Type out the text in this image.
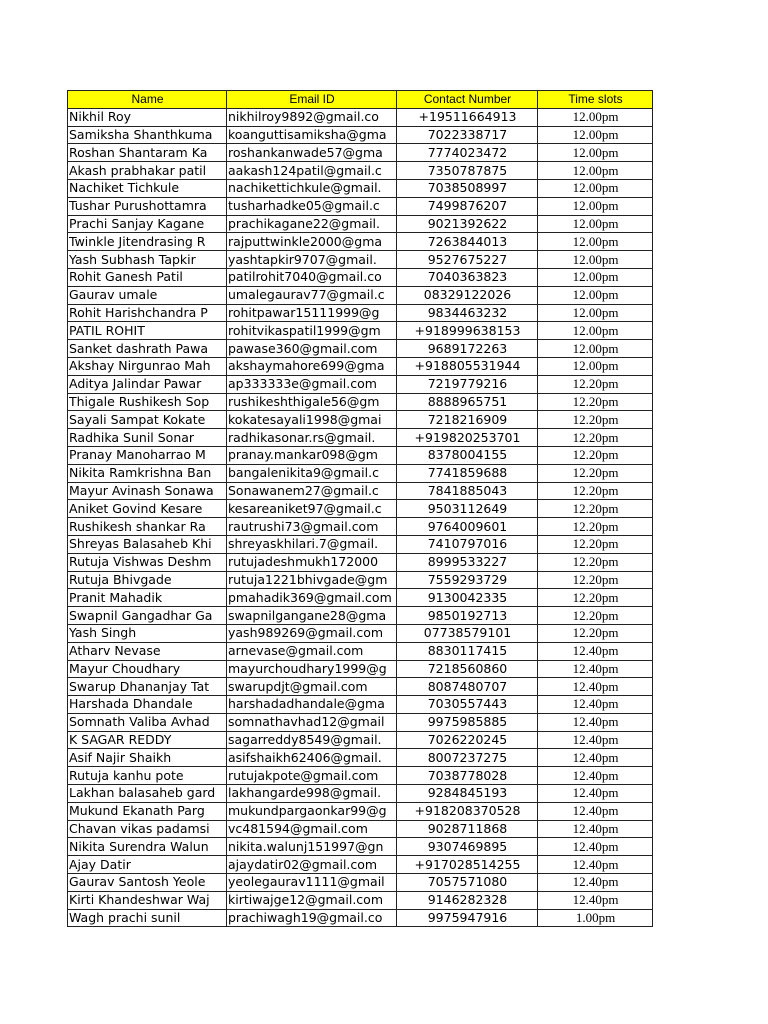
Name	Email ID	Contact Number	Time slots
Nikhil Roy	nikhilroy9892@gmail.co	+19511664913	12.00pm
Samiksha Shanthkuma	koanguttisamiksha@gma	7022338717	12.00pm
Roshan Shantaram Ka	roshankanwade57@gma	7774023472	12.00pm
Akash prabhakar patil	aakash124patil@gmail.c	7350787875	12.00pm
Nachiket Tichkule	nachikettichkule@gmail.	7038508997	12.00pm
Tushar Purushottamra	tusharhadke05@gmail.c	7499876207	12.00pm
Prachi Sanjay Kagane	prachikagane22@gmail.	9021392622	12.00pm
Twinkle Jitendrasing R	rajputtwinkle2000@gma	7263844013	12.00pm
Yash Subhash Tapkir	yashtapkir9707@gmail.	9527675227	12.00pm
Rohit Ganesh Patil	patilrohit7040@gmail.co	7040363823	12.00pm
Gaurav umale	umalegaurav77@gmail.c	08329122026	12.00pm
Rohit Harishchandra P	rohitpawar15111999@g	9834463232	12.00pm
PATIL ROHIT	rohitvikaspatil1999@gm	+918999638153	12.00pm
Sanket dashrath Pawa	pawase360@gmail.com	9689172263	12.00pm
Akshay Nirgunrao Mah	akshaymahore699@gma	+918805531944	12.00pm
Aditya Jalindar Pawar	ap333333e@gmail.com	7219779216	12.20pm
Thigale Rushikesh Sop	rushikeshthigale56@gm	8888965751	12.20pm
Sayali Sampat Kokate	kokatesayali1998@gmai	7218216909	12.20pm
Radhika Sunil Sonar	radhikasonar.rs@gmail.	+919820253701	12.20pm
Pranay Manoharrao M	pranay.mankar098@gm	8378004155	12.20pm
Nikita Ramkrishna Ban	bangalenikita9@gmail.c	7741859688	12.20pm
Mayur Avinash Sonawa	Sonawanem27@gmail.c	7841885043	12.20pm
Aniket Govind Kesare	kesareaniket97@gmail.c	9503112649	12.20pm
Rushikesh shankar Ra	rautrushi73@gmail.com	9764009601	12.20pm
Shreyas Balasaheb Khi	shreyaskhilari.7@gmail.	7410797016	12.20pm
Rutuja Vishwas Deshm	rutujadeshmukh172000	8999533227	12.20pm
Rutuja Bhivgade	rutuja1221bhivgade@gm	7559293729	12.20pm
Pranit Mahadik	pmahadik369@gmail.com	9130042335	12.20pm
Swapnil Gangadhar Ga	swapnilgangane28@gma	9850192713	12.20pm
Yash Singh	yash989269@gmail.com	07738579101	12.20pm
Atharv Nevase	arnevase@gmail.com	8830117415	12.40pm
Mayur Choudhary	mayurchoudhary1999@g	7218560860	12.40pm
Swarup Dhananjay Tat	swarupdjt@gmail.com	8087480707	12.40pm
Harshada Dhandale	harshadadhandale@gma	7030557443	12.40pm
Somnath Valiba Avhad	somnathavhad12@gmail	9975985885	12.40pm
K SAGAR REDDY	sagarreddy8549@gmail.	7026220245	12.40pm
Asif Najir Shaikh	asifshaikh62406@gmail.	8007237275	12.40pm
Rutuja kanhu pote	rutujakpote@gmail.com	7038778028	12.40pm
Lakhan balasaheb gard	lakhangarde998@gmail.	9284845193	12.40pm
Mukund Ekanath Parg	mukundpargaonkar99@g	+918208370528	12.40pm
Chavan vikas padamsi	vc481594@gmail.com	9028711868	12.40pm
Nikita Surendra Walun	nikita.walunj151997@gn	9307469895	12.40pm
Ajay Datir	ajaydatir02@gmail.com	+917028514255	12.40pm
Gaurav Santosh Yeole	yeolegaurav1111@gmail	7057571080	12.40pm
Kirti Khandeshwar Waj	kirtiwajge12@gmail.com	9146282328	12.40pm
Wagh prachi sunil	prachiwagh19@gmail.co	9975947916	1.00pm
